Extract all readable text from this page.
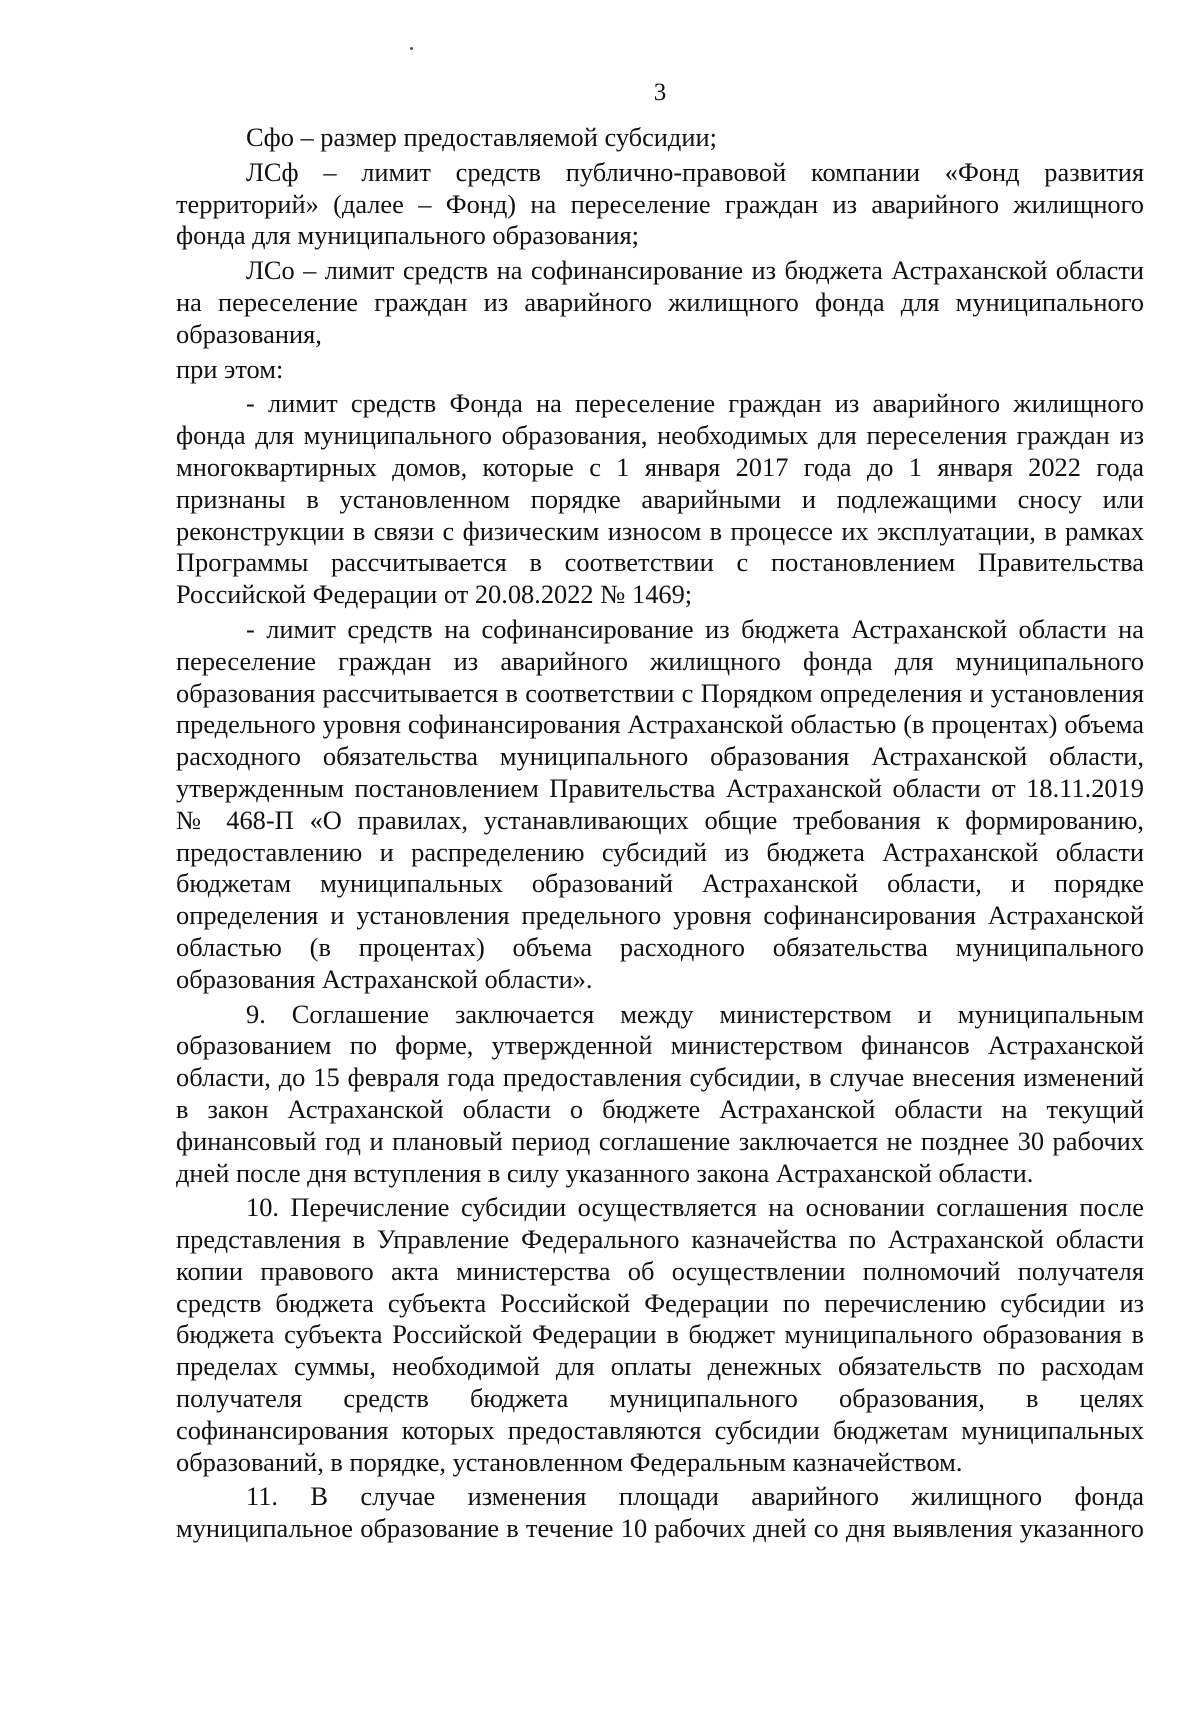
3

Сфо – размер предоставляемой субсидии;

ЛСф – лимит средств публично-правовой компании «Фонд развития территорий» (далее – Фонд) на переселение граждан из аварийного жилищного фонда для муниципального образования;

ЛСо – лимит средств на софинансирование из бюджета Астраханской области на переселение граждан из аварийного жилищного фонда для муниципального образования,

при этом:

- лимит средств Фонда на переселение граждан из аварийного жилищного фонда для муниципального образования, необходимых для переселения граждан из многоквартирных домов, которые с 1 января 2017 года до 1 января 2022 года признаны в установленном порядке аварийными и подлежащими сносу или реконструкции в связи с физическим износом в процессе их эксплуатации, в рамках Программы рассчитывается в соответствии с постановлением Правительства Российской Федерации от 20.08.2022 № 1469;

- лимит средств на софинансирование из бюджета Астраханской области на переселение граждан из аварийного жилищного фонда для муниципального образования рассчитывается в соответствии с Порядком определения и установления предельного уровня софинансирования Астраханской областью (в процентах) объема расходного обязательства муниципального образования Астраханской области, утвержденным постановлением Правительства Астраханской области от 18.11.2019 № 468-П «О правилах, устанавливающих общие требования к формированию, предоставлению и распределению субсидий из бюджета Астраханской области бюджетам муниципальных образований Астраханской области, и порядке определения и установления предельного уровня софинансирования Астраханской областью (в процентах) объема расходного обязательства муниципального образования Астраханской области».

9. Соглашение заключается между министерством и муниципальным образованием по форме, утвержденной министерством финансов Астраханской области, до 15 февраля года предоставления субсидии, в случае внесения изменений в закон Астраханской области о бюджете Астраханской области на текущий финансовый год и плановый период соглашение заключается не позднее 30 рабочих дней после дня вступления в силу указанного закона Астраханской области.

10. Перечисление субсидии осуществляется на основании соглашения после представления в Управление Федерального казначейства по Астраханской области копии правового акта министерства об осуществлении полномочий получателя средств бюджета субъекта Российской Федерации по перечислению субсидии из бюджета субъекта Российской Федерации в бюджет муниципального образования в пределах суммы, необходимой для оплаты денежных обязательств по расходам получателя средств бюджета муниципального образования, в целях софинансирования которых предоставляются субсидии бюджетам муниципальных образований, в порядке, установленном Федеральным казначейством.

11. В случае изменения площади аварийного жилищного фонда муниципальное образование в течение 10 рабочих дней со дня выявления указанного
